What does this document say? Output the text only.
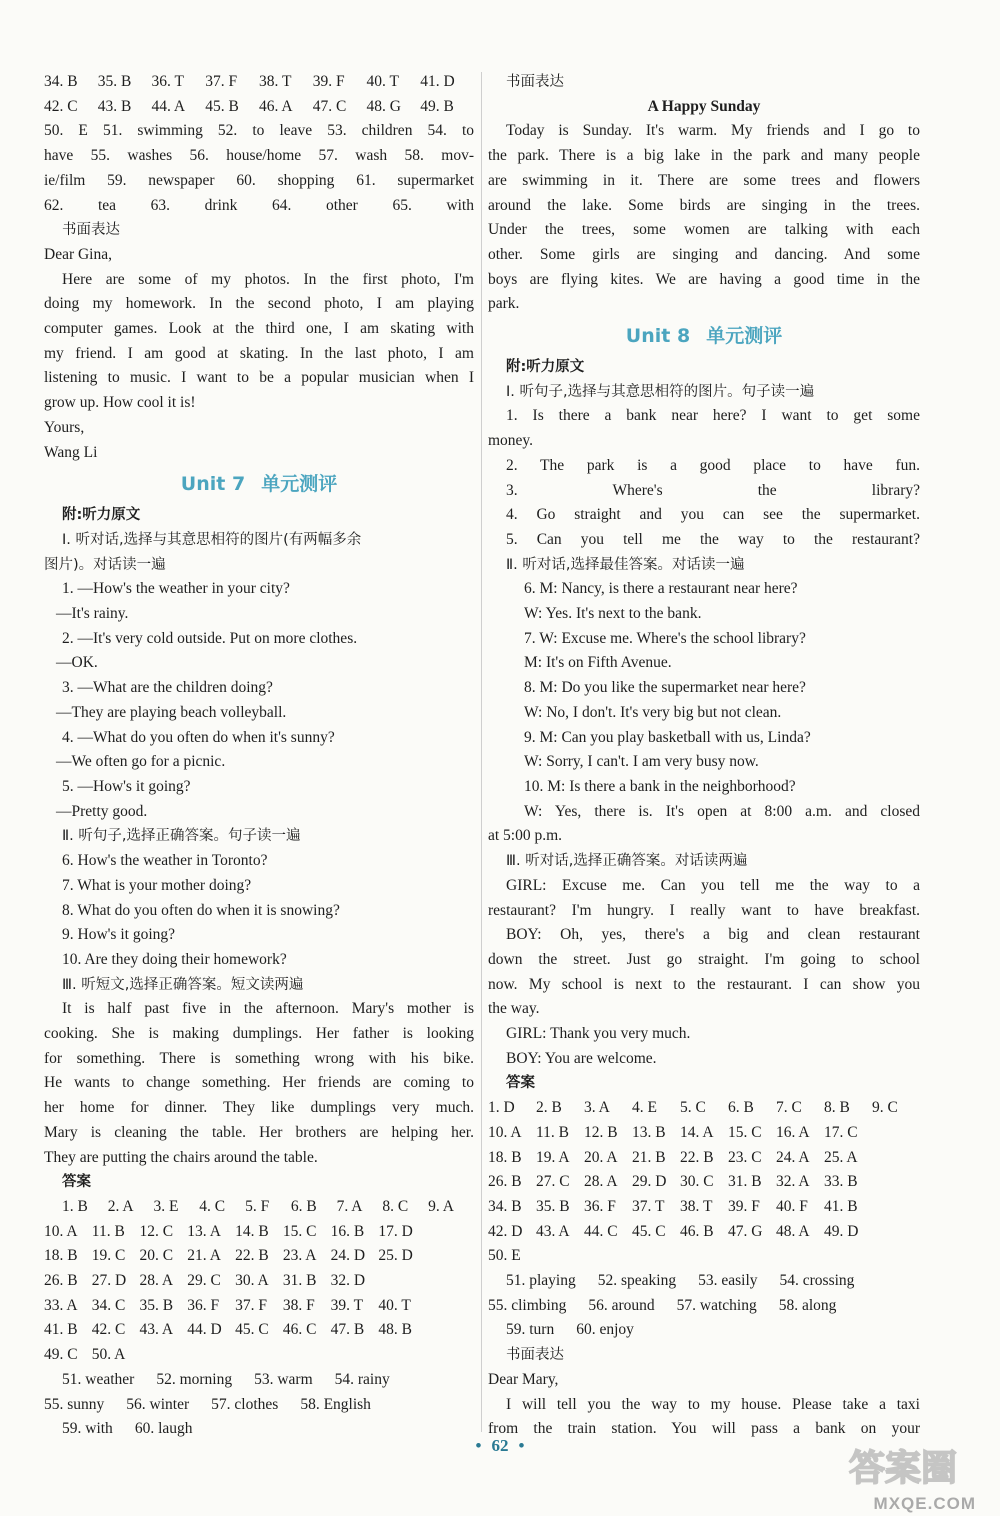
34. B	35. B	36. T	37. F	38. T	39. F	40. T	41. D
42. C	43. B	44. A	45. B	46. A	47. C	48. G	49. B
50. E 51. swimming 52. to leave 53. children 54. to
have 55. washes 56. house/home 57. wash 58. mov-
ie/film 59. newspaper 60. shopping 61. supermarket
62. tea 63. drink 64. other 65. with
书面表达
Dear Gina,
Here are some of my photos. In the first photo, I'm
doing my homework. In the second photo, I am playing
computer games. Look at the third one, I am skating with
my friend. I am good at skating. In the last photo, I am
listening to music. I want to be a popular musician when I
grow up. How cool it is!
Yours,
Wang Li
Unit 7 单元测评
附:听力原文
Ⅰ. 听对话,选择与其意思相符的图片(有两幅多余
图片)。对话读一遍
1. —How's the weather in your city?
—It's rainy.
2. —It's very cold outside. Put on more clothes.
—OK.
3. —What are the children doing?
—They are playing beach volleyball.
4. —What do you often do when it's sunny?
—We often go for a picnic.
5. —How's it going?
—Pretty good.
Ⅱ. 听句子,选择正确答案。句子读一遍
6. How's the weather in Toronto?
7. What is your mother doing?
8. What do you often do when it is snowing?
9. How's it going?
10. Are they doing their homework?
Ⅲ. 听短文,选择正确答案。短文读两遍
It is half past five in the afternoon. Mary's mother is
cooking. She is making dumplings. Her father is looking
for something. There is something wrong with his bike.
He wants to change something. Her friends are coming to
her home for dinner. They like dumplings very much.
Mary is cleaning the table. Her brothers are helping her.
They are putting the chairs around the table.
答案
1. B	2. A	3. E	4. C	5. F	6. B	7. A	8. C	9. A
10. A 11. B 12. C 13. A 14. B 15. C 16. B 17. D
18. B 19. C 20. C 21. A 22. B 23. A 24. D 25. D
26. B 27. D 28. A 29. C 30. A 31. B 32. D
33. A 34. C 35. B 36. F	37. F	38. F	39. T 40. T
41. B 42. C 43. A 44. D 45. C 46. C 47. B 48. B
49. C 50. A
51. weather 52. morning 53. warm 54. rainy
55. sunny 56. winter 57. clothes 58. English
59. with 60. laugh
书面表达
A Happy Sunday
Today is Sunday. It's warm. My friends and I go to
the park. There is a big lake in the park and many people
are swimming in it. There are some trees and flowers
around the lake. Some birds are singing in the trees.
Under the trees, some women are talking with each
other. Some girls are singing and dancing. And some
boys are flying kites. We are having a good time in the
park.
Unit 8 单元测评
附:听力原文
Ⅰ. 听句子,选择与其意思相符的图片。句子读一遍
1. Is there a bank near here? I want to get some
money.
2. The park is a good place to have fun.
3. Where's the library?
4. Go straight and you can see the supermarket.
5. Can you tell me the way to the restaurant?
Ⅱ. 听对话,选择最佳答案。对话读一遍
6. M: Nancy, is there a restaurant near here?
W: Yes. It's next to the bank.
7. W: Excuse me. Where's the school library?
M: It's on Fifth Avenue.
8. M: Do you like the supermarket near here?
W: No, I don't. It's very big but not clean.
9. M: Can you play basketball with us, Linda?
W: Sorry, I can't. I am very busy now.
10. M: Is there a bank in the neighborhood?
W: Yes, there is. It's open at 8:00 a.m. and closed
at 5:00 p.m.
Ⅲ. 听对话,选择正确答案。对话读两遍
GIRL: Excuse me. Can you tell me the way to a
restaurant? I'm hungry. I really want to have breakfast.
BOY: Oh, yes, there's a big and clean restaurant
down the street. Just go straight. I'm going to school
now. My school is next to the restaurant. I can show you
the way.
GIRL: Thank you very much.
BOY: You are welcome.
答案
1. D	2. B	3. A	4. E	5. C	6. B	7. C	8. B	9. C
10. A 11. B 12. B 13. B 14. A 15. C 16. A 17. C
18. B 19. A 20. A 21. B 22. B 23. C 24. A 25. A
26. B 27. C 28. A 29. D 30. C 31. B 32. A 33. B
34. B 35. B 36. F	37. T	38. T	39. F	40. F	41. B
42. D 43. A 44. C 45. C 46. B 47. G 48. A 49. D
50. E
51. playing 52. speaking 53. easily 54. crossing
55. climbing 56. around 57. watching 58. along
59. turn 60. enjoy
书面表达
Dear Mary,
I will tell you the way to my house. Please take a taxi
from the train station. You will pass a bank on your
• 62 •
答案圈
MXQE.COM
